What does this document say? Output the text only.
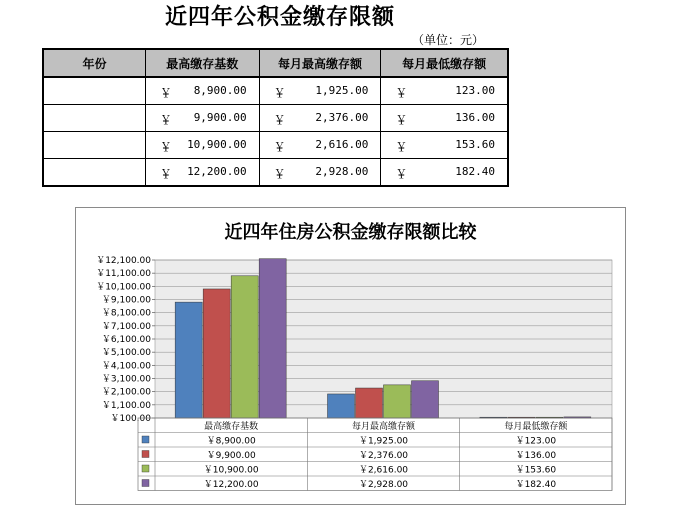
近四年公积金缴存限额
（单位：元）
年份	最高缴存基数	每月最高缴存额	每月最低缴存额

	￥ 8,900.00	￥ 1,925.00	￥ 123.00

	￥ 9,900.00	￥ 2,376.00	￥ 136.00

	￥ 10,900.00	￥ 2,616.00	￥ 153.60

	￥ 12,200.00	￥ 2,928.00	￥ 182.40
近四年住房公积金缴存限额比较
￥12,100.00
￥11,100.00
￥10,100.00
￥9,100.00
￥8,100.00
￥7,100.00
￥6,100.00
￥5,100.00
￥4,100.00
￥3,100.00
￥2,100.00
￥1,100.00
￥100.00
最高缴存基数	每月最高缴存额	每月最低缴存额
￥8,900.00	￥1,925.00	￥123.00
￥9,900.00	￥2,376.00	￥136.00
￥10,900.00	￥2,616.00	￥153.60
￥12,200.00	￥2,928.00	￥182.40
